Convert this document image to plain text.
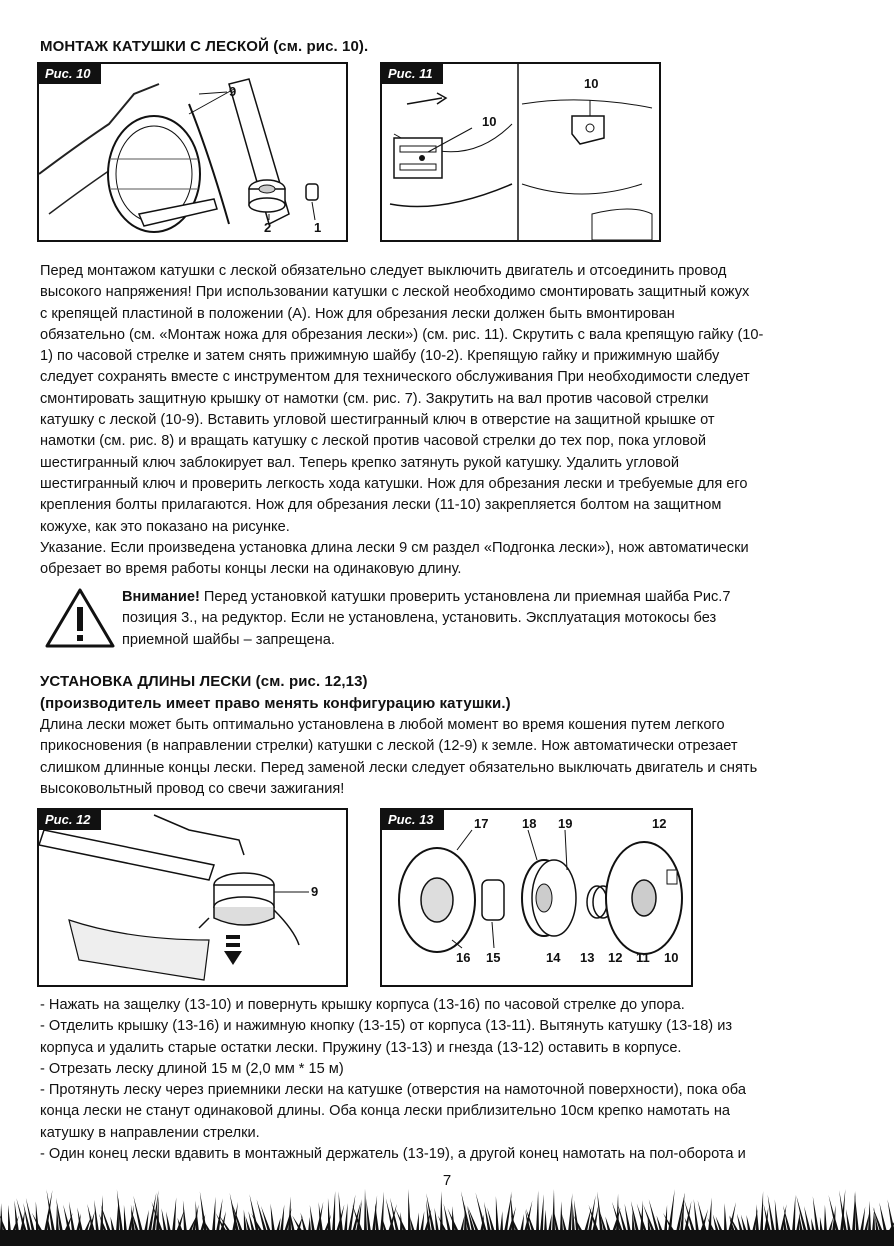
МОНТАЖ КАТУШКИ С ЛЕСКОЙ (см. рис. 10).
Рис. 10
9
2	1
Рис. 11
10
10
Перед монтажом катушки с леской обязательно следует выключить двигатель и отсоединить провод
высокого напряжения! При использовании катушки с леской необходимо смонтировать защитный кожух
с крепящей пластиной в положении (А). Нож для обрезания лески должен быть вмонтирован
обязательно (см. «Монтаж ножа для обрезания лески») (см. рис. 11). Скрутить с вала крепящую гайку (10-
1) по часовой стрелке и затем снять прижимную шайбу (10-2). Крепящую гайку и прижимную шайбу
следует сохранять вместе с инструментом для технического обслуживания При необходимости следует
смонтировать защитную крышку от намотки (см. рис. 7). Закрутить на вал против часовой стрелки
катушку с леской (10-9). Вставить угловой шестигранный ключ в отверстие на защитной крышке от
намотки (см. рис. 8) и вращать катушку с леской против часовой стрелки до тех пор, пока угловой
шестигранный ключ заблокирует вал. Теперь крепко затянуть рукой катушку. Удалить угловой
шестигранный ключ и проверить легкость хода катушки. Нож для обрезания лески и требуемые для его
крепления болты прилагаются. Нож для обрезания лески (11-10) закрепляется болтом на защитном
кожухе, как это показано на рисунке.
Указание. Если произведена установка длина лески 9 см раздел «Подгонка лески»), нож автоматически
обрезает во время работы концы лески на одинаковую длину.
Внимание! Перед установкой катушки проверить установлена ли приемная шайба Рис.7
позиция 3., на редуктор. Если не установлена, установить. Эксплуатация мотокосы без
приемной шайбы – запрещена.
УСТАНОВКА ДЛИНЫ ЛЕСКИ (см. рис. 12,13)
(производитель имеет право менять конфигурацию катушки.)
Длина лески может быть оптимально установлена в любой момент во время кошения путем легкого
прикосновения (в направлении стрелки) катушки с леской (12-9) к земле. Нож автоматически отрезает
слишком длинные концы лески. Перед заменой лески следует обязательно выключать двигатель и снять
высоковольтный провод со свечи зажигания!
Рис. 12
9
Рис. 13	17	18 19	12
16 15	14 13 12 11 10
- Нажать на защелку (13-10) и повернуть крышку корпуса (13-16) по часовой стрелке до упора.
- Отделить крышку (13-16) и нажимную кнопку (13-15) от корпуса (13-11). Вытянуть катушку (13-18) из
корпуса и удалить старые остатки лески. Пружину (13-13) и гнезда (13-12) оставить в корпусе.
- Отрезать леску длиной 15 м (2,0 мм * 15 м)
- Протянуть леску через приемники лески на катушке (отверстия на намоточной поверхности), пока оба
конца лески не станут одинаковой длины. Оба конца лески приблизительно 10см крепко намотать на
катушку в направлении стрелки.
- Один конец лески вдавить в монтажный держатель (13-19), а другой конец намотать на пол-оборота и
7
